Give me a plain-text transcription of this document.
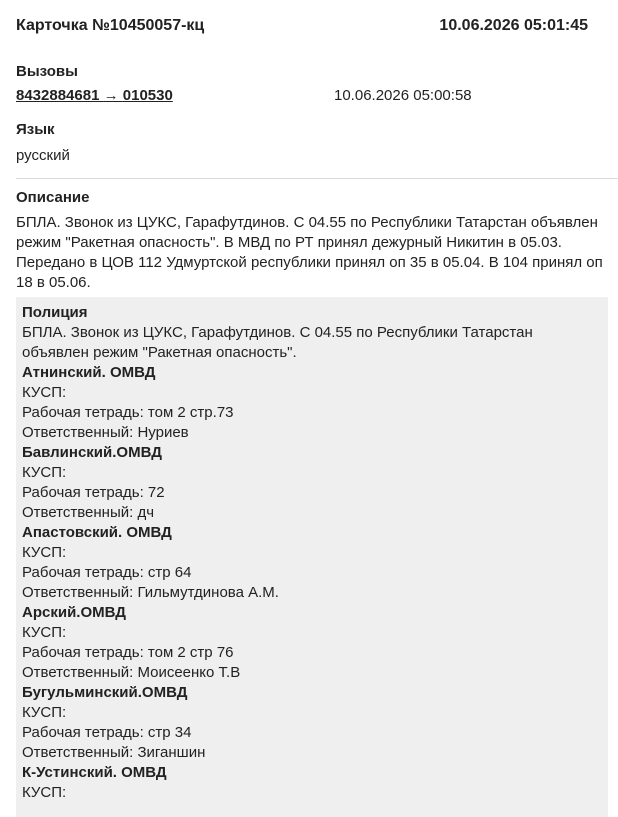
Карточка №10450057-кц	10.06.2026 05:01:45
Вызовы
8432884681 → 010530	10.06.2026 05:00:58
Язык
русский
Описание
БПЛА. Звонок из ЦУКС, Гарафутдинов. С 04.55 по Республики Татарстан объявлен режим "Ракетная опасность". В МВД по РТ принял дежурный Никитин в 05.03. Передано в ЦОВ 112 Удмуртской республики принял оп 35 в 05.04. В 104 принял оп 18 в 05.06.
Полиция
БПЛА. Звонок из ЦУКС, Гарафутдинов. С 04.55 по Республики Татарстан объявлен режим "Ракетная опасность".
Атнинский. ОМВД
КУСП:
Рабочая тетрадь: том 2 стр.73
Ответственный: Нуриев
Бавлинский.ОМВД
КУСП:
Рабочая тетрадь: 72
Ответственный: дч
Апастовский. ОМВД
КУСП:
Рабочая тетрадь: стр 64
Ответственный: Гильмутдинова А.М.
Арский.ОМВД
КУСП:
Рабочая тетрадь: том 2 стр 76
Ответственный: Моисеенко Т.В
Бугульминский.ОМВД
КУСП:
Рабочая тетрадь: стр 34
Ответственный: Зиганшин
К-Устинский. ОМВД
КУСП:
